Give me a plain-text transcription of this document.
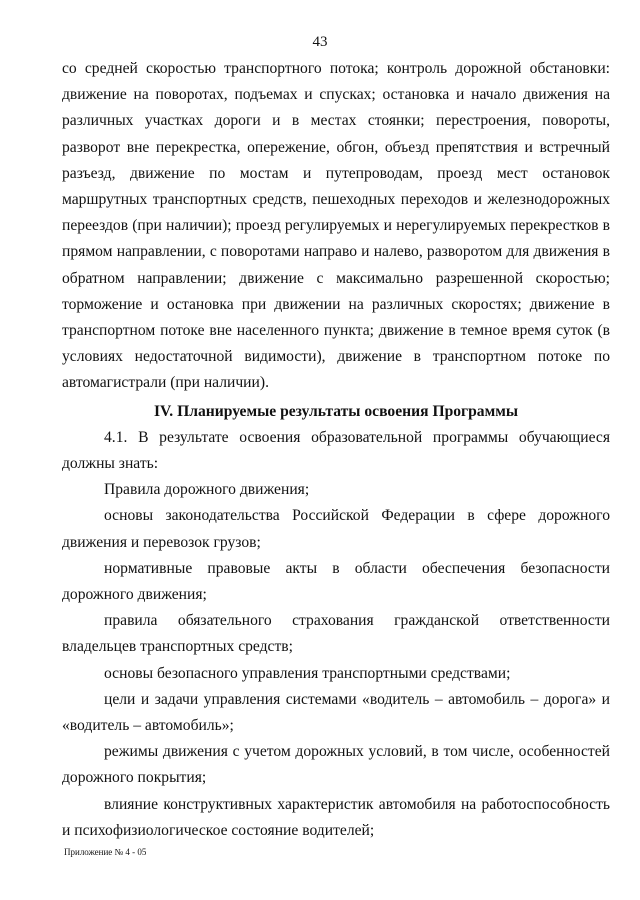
43

со средней скоростью транспортного потока; контроль дорожной обстановки: движение на поворотах, подъемах и спусках; остановка и начало движения на различных участках дороги и в местах стоянки; перестроения, повороты, разворот вне перекрестка, опережение, обгон, объезд препятствия и встречный разъезд, движение по мостам и путепроводам, проезд мест остановок маршрутных транспортных средств, пешеходных переходов и железнодорожных переездов (при наличии); проезд регулируемых и нерегулируемых перекрестков в прямом направлении, с поворотами направо и налево, разворотом для движения в обратном направлении; движение с максимально разрешенной скоростью; торможение и остановка при движении на различных скоростях; движение в транспортном потоке вне населенного пункта; движение в темное время суток (в условиях недостаточной видимости), движение в транспортном потоке по автомагистрали (при наличии).

IV. Планируемые результаты освоения Программы

4.1. В результате освоения образовательной программы обучающиеся должны знать:

Правила дорожного движения;

основы законодательства Российской Федерации в сфере дорожного движения и перевозок грузов;

нормативные правовые акты в области обеспечения безопасности дорожного движения;

правила обязательного страхования гражданской ответственности владельцев транспортных средств;

основы безопасного управления транспортными средствами;

цели и задачи управления системами «водитель – автомобиль – дорога» и «водитель – автомобиль»;

режимы движения с учетом дорожных условий, в том числе, особенностей дорожного покрытия;

влияние конструктивных характеристик автомобиля на работоспособность и психофизиологическое состояние водителей;

Приложение № 4 - 05
